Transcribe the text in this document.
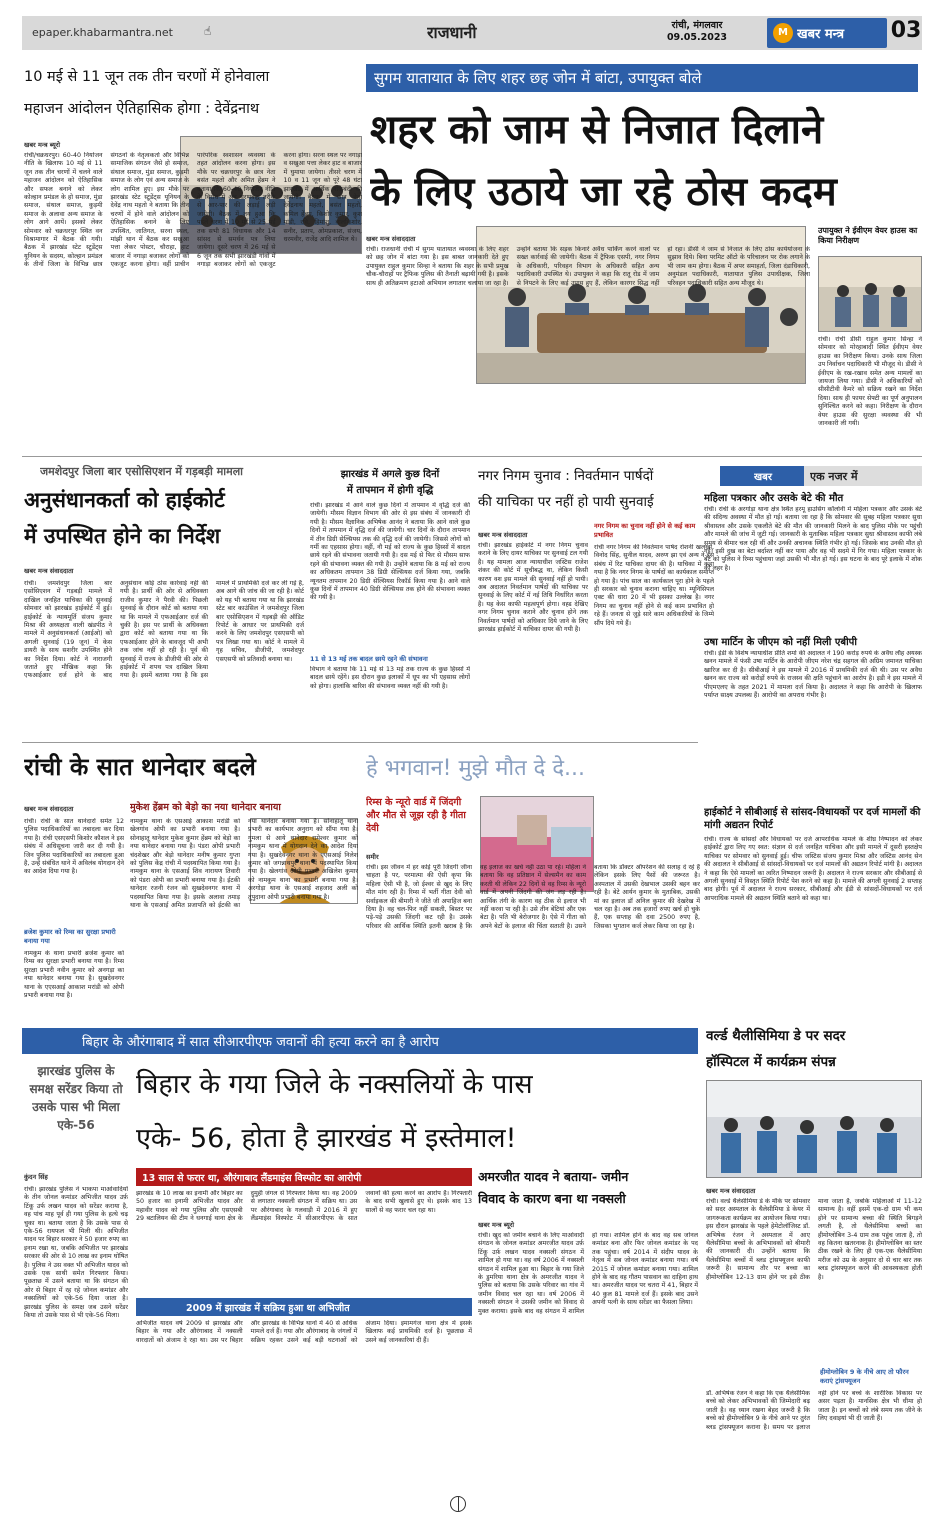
epaper.khabarmantra.net	☝	राजधानी	रांची, मंगलवार
09.05.2023	M खबर मन्त्र	03
10 मई से 11 जून तक तीन चरणों में होनेवाला
महाजन आंदोलन ऐतिहासिक होगा : देवेंद्रनाथ
खबर मन्त्र ब्यूरो

रांची/चक्रधरपुर। 60-40 नियोजन नीति के खिलाफ 10 मई से 11 जून तक तीन चरणों में चलने वाले महाजन आंदोलन को ऐतिहासिक और सफल बनाने को लेकर कोल्हान प्रमंडल के हो समाज, मुंडा समाज, संथाल समाज, कुड़मी समाज के अलावा अन्य समाज के लोग आगे आयें। इसको लेकर सोमवार को चक्रधरपुर स्थित वन विश्रामागार में बैठक की गयी। बैठक में झारखंड स्टेट स्टूडेंट्स यूनियन के सदस्य, कोल्हान प्रमंडल के तीनों जिला के विभिन्न छात्र संगठनों के नेतृत्वकर्ता और विभिन्न सामाजिक संगठन जैसे हो समाज, संथाल समाज, मुंडा समाज, कुड़मी समाज के लोग एवं अन्य समाज के लोग शामिल हुए। इस मौके पर झारखंड स्टेट स्टूडेंट्स यूनियन के देवेंद्र नाथ महतो ने बताया कि तीन चरणों में होने वाले आंदोलन को ऐतिहासिक बनाने के लिए उपस्थित, जातिगत, सरना स्थल, मांझी थान में बैठक कर सखुआ पत्ता लेकर पोस्टर, चौराहा, हाट बाजार में नगाड़ा बजाकर लोगों को एकजुट करना होगा। वहीं प्राचीन पारंपरिक स्वशासन व्यवस्था के तहत आंदोलन करना होगा। इस मौके पर चक्रधरपुर के छात्र नेता बसंत महतो और अमित हेंब्रम ने बताया कि 60-40 नियोजन नीति के विरोध में अब चरणबद्ध तरीके से आर-पार की लड़ाई लड़ी जायेगी। बैठक में तय हुआ कि पहले चरण में 10 मई से 25 मई तक सभी 81 विधायक और 14 सांसद से समर्थन पत्र लिया जायेगा। दूसरे चरण में 26 मई से 6 जून तक सभी झारखंडी गांवों में नगाड़ा बजाकर लोगों को एकजुट करना होगा। सरना स्थल पर नगाड़ा व सखुआ पत्ता लेकर हाट व बाजार में घुमाया जायेगा। तीसरे चरण में 10 व 11 जून को पूरे 48 घंटा झारखंड में आर्थिक नाकेबंदी की जायेगी। बैठक में छात्र नेता देवेंद्रनाथ महतो, बसंत महतो, कमिल हेंब्रम, किशोर कुमार, कुश मांडी, रवि, हिमांशु, बालकिशोर, सनीर, प्रताप, ओमप्रकाश, संजय, धरमवीर, राजेंद्र आदि शामिल थे।

सुगम यातायात के लिए शहर छह जोन में बांटा, उपायुक्त बोले
शहर को जाम से निजात दिलाने
के लिए उठाये जा रहे ठोस कदम
खबर मन्त्र संवाददाता

रांची। राजधानी रांची में सुगम यातायात व्यवस्था के लिए शहर को छह जोन में बांटा गया है। इस बाबत जानकारी देते हुए उपायुक्त राहुल कुमार सिन्हा ने बताया कि शहर के सभी प्रमुख चौक-चौराहों पर ट्रैफिक पुलिस की तैनाती बढ़ायी गयी है। इसके साथ ही अतिक्रमण हटाओ अभियान लगातार चलाया जा रहा है। उन्होंने बताया कि सड़क किनारे अवैध पार्किंग करने वालों पर सख्त कार्रवाई की जायेगी। बैठक में ट्रैफिक एसपी, नगर निगम के अधिकारी, परिवहन विभाग के अधिकारी सहित अन्य पदाधिकारी उपस्थित थे। उपायुक्त ने कहा कि रातू रोड में जाम से निपटने के लिए कई उपाय हुए हैं, लेकिन कारगर सिद्ध नहीं हो रहा। डीसी ने जाम से निजात के लिए ठोस कार्ययोजना के सुझाव दिये। बिना परमिट ऑटो के परिचालन पर रोक लगाने के भी जाम कम होगा। बैठक में अपर समाहर्ता, जिला दंडाधिकारी, अनुमंडल पदाधिकारी, यातायात पुलिस उपाधीक्षक, जिला परिवहन पदाधिकारी सहित अन्य मौजूद थे।

उपायुक्त ने ईवीएम वेयर हाउस का किया निरीक्षण

रांची। रांची डीसी राहुल कुमार सिन्हा ने सोमवार को मोरहाबादी स्थित ईवीएम वेयर हाउस का निरीक्षण किया। उनके साथ जिला उप निर्वाचन पदाधिकारी भी मौजूद थे। डीसी ने ईवीएम के रख-रखाव समेत अन्य मामलों का जायजा लिया गया। डीसी ने अधिकारियों को सीसीटीवी कैमरे को सक्रिय रखने का निर्देश दिया। साथ ही फायर सेफ्टी का पूर्ण अनुपालन सुनिश्चित करने को कहा। निरीक्षण के दौरान वेयर हाउस की सुरक्षा व्यवस्था की भी जानकारी ली गयी।

जमशेदपुर जिला बार एसोसिएशन में गड़बड़ी मामला
अनुसंधानकर्ता को हाईकोर्ट
में उपस्थित होने का निर्देश
खबर मन्त्र संवाददाता

रांची। जमशेदपुर जिला बार एसोसिएशन में गड़बड़ी मामले में दाखिल जनहित याचिका की सुनवाई सोमवार को झारखंड हाईकोर्ट में हुई। हाईकोर्ट के न्यायमूर्ति संजय कुमार मिश्रा की अध्यक्षता वाली खंडपीठ ने मामले में अनुसंधानकर्ता (आईओ) को अगली सुनवाई (19 जून) में केस डायरी के साथ सशरीर उपस्थित होने का निर्देश दिया। कोर्ट ने नाराजगी जताते हुए मौखिक कहा कि एफआईआर दर्ज होने के बाद अनुसंधान कोई ठोस कार्रवाई नहीं की गयी है। प्रार्थी की ओर से अधिवक्ता राजीव कुमार ने पैरवी की। पिछली सुनवाई के दौरान कोर्ट को बताया गया था कि मामले में एफआईआर दर्ज की चुकी है। इस पर प्रार्थी के अधिवक्ता द्वारा कोर्ट को बताया गया था कि एफआईआर होने के बावजूद भी अभी तक जांच नहीं हो रही है। पूर्व की सुनवाई में राज्य के डीजीपी की ओर से हाईकोर्ट में शपथ पत्र दाखिल किया गया है। इसमें बताया गया है कि इस मामले में प्राथमिकी दर्ज कर ली गई है, अब आगे की जांच की जा रही है। कोर्ट को यह भी बताया गया था कि झारखंड स्टेट बार काउंसिल ने जमशेदपुर जिला बार एसोसिएशन में गड़बड़ी की ऑडिट रिपोर्ट के आधार पर प्राथमिकी दर्ज करने के लिए जमशेदपुर एसएसपी को पत्र लिखा गया था। कोर्ट ने मामले में गृह सचिव, डीजीपी, जमशेदपुर एसएसपी को प्रतिवादी बनाया था।

झारखंड में अगले कुछ दिनों
में तापमान में होगी वृद्धि

रांची। झारखंड में आने वाले कुछ दिनों में तापमान में वृद्धि दर्ज की जायेगी। मौसम विज्ञान विभाग की ओर से इस संबंध में जानकारी दी गयी है। मौसम वैज्ञानिक अभिषेक आनंद ने बताया कि आने वाले कुछ दिनों में तापमान में वृद्धि दर्ज की जायेगी। चार दिनों के दौरान तापमान में तीन डिग्री सेल्सियस तक की वृद्धि दर्ज की जायेगी। जिससे लोगों को गर्मी का एहसास होगा। वहीं, नौ मई को राज्य के कुछ हिस्सों में बादल छाये रहने की संभावना जतायी गयी है। दस मई से फिर से मौसम साफ रहने की संभावना व्यक्त की गयी है। उन्होंने बताया कि 8 मई को राज्य का अधिकतम तापमान 38 डिग्री सेल्सियस दर्ज किया गया, जबकि न्यूनतम तापमान 20 डिग्री सेल्सियस रिकॉर्ड किया गया है। आने वाले कुछ दिनों में तापमान 40 डिग्री सेल्सियस तक होने की संभावना व्यक्त की गयी है।

11 से 13 मई तक बादल छाये रहने की संभावना

विभाग ने बताया कि 11 मई से 13 मई तक राज्य के कुछ हिस्सों में बादल छाये रहेंगे। इस दौरान कुछ इलाकों में धूप का भी एहसास लोगों को होगा। हालांकि बारिश की संभावना व्यक्त नहीं की गयी है।

नगर निगम चुनाव : निवर्तमान पार्षदों
की याचिका पर नहीं हो पायी सुनवाई
खबर मन्त्र संवाददाता

रांची। झारखंड हाईकोर्ट में नगर निगम चुनाव कराने के लिए दायर याचिका पर सुनवाई टल गयी है। यह मामला आज न्यायाधीश जस्टिस राजेश शंकर की कोर्ट में सूचीबद्ध था, लेकिन किसी कारण वश इस मामले की सुनवाई नहीं हो पायी। अब अदालत निवर्तमान पार्षदों की याचिका पर सुनवाई के लिए कोर्ट में नई तिथि निर्धारित करता है। यह केस काफी महत्वपूर्ण होगा। वह्ड देखिए नगर निगम चुनाव कराने और चुनाव होने तक निवर्तमान पार्षदों को अधिकार दिये जाने के लिए झारखंड हाईकोर्ट में याचिका दायर की गयी है।

नगर निगम का चुनाव नहीं होने से कई काम प्रभावित

रांची नगर निगम की निवर्तमान पार्षद रोशनी खलखो, विनोद सिंह, सुनील यादव, अरुण झा एवं अन्य ने इस संबंध में रिट याचिका दायर की है। याचिका में कहा गया है कि नगर निगम के पार्षदों का कार्यकाल समाप्त हो गया है। पांच साल का कार्यकाल पूरा होने के पहले ही सरकार को चुनाव कराना चाहिए था। म्यूनिसिपल एक्ट की धारा 20 में भी इसका उल्लेख है। नगर निगम का चुनाव नहीं होने से कई काम प्रभावित हो रहे हैं। जनता से जुड़े सारे काम अधिकारियों के जिम्मे सौंप दिये गये हैं।

खबर	एक नजर में
महिला पत्रकार और उसके बेटे की मौत

रांची। रांची के अरगोड़ा थाना क्षेत्र स्थित हरमू हाउसिंग कॉलोनी में महिला पत्रकार और उसके बेटे की संदिग्ध अवस्था में मौत हो गई। बताया जा रहा है कि सोमवार की सुबह महिला पत्रकार सुधा श्रीवास्तव और उसके एकलौते बेटे की मौत की जानकारी मिलने के बाद पुलिस मौके पर पहुंची और मामले की जांच में जुटी गई। जानकारी के मुताबिक महिला पत्रकार सुधा श्रीवास्तव काफी लंबे समय से बीमार चल रही थीं और उनकी अचानक स्थिति गंभीर हो गई। जिसके बाद उनकी मौत हो गई। इसी दुख का बेटा बर्दाश्त नहीं कर पाया और वह भी सदमे में गिर गया। महिला पत्रकार के बेटे को पुलिस ने रिम्स पहुंचाया जहां उसकी भी मौत हो गई। इस घटना के बाद पूरे इलाके में शोक की लहर है।

उषा मार्टिन के जीएम को नहीं मिली एबीपी

रांची। ईडी के विशेष न्यायाधीश प्रीति शर्मा की अदालत ने 190 करोड़ रुपये के अवैध लौह अयस्क खनन मामले में फंसी उषा मार्टिन के आरोपी जीएम नरेश चंद्र सहगल की अग्रिम जमानत याचिका खारिज कर दी है। सीबीआई ने इस मामले में 2016 में प्राथमिकी दर्ज की थी। उस पर अवैध खनन कर राज्य को करोड़ों रुपये के राजस्व की क्षति पहुंचाने का आरोप है। इडी ने इस मामले में पीएमएलए के तहत 2021 में मामला दर्ज किया है। अदालत ने कहा कि आरोपी के खिलाफ पर्याप्त साक्ष्य उपलब्ध हैं। आरोपी का अपराध गंभीर है।

हाईकोर्ट ने सीबीआई से सांसद-विधायकों पर दर्ज मामलों की मांगी अद्यतन रिपोर्ट

रांची। राज्य के सांसदों और विधायकों पर दर्ज आपराधिक मामले के शीघ्र निष्पादन को लेकर हाईकोर्ट द्वारा लिए गए स्वत: संज्ञान से दर्ज जनहित याचिका और इसी मामले में दूसरी हस्तक्षेप याचिका पर सोमवार को सुनवाई हुई। चीफ जस्टिस संजय कुमार मिश्रा और जस्टिस आनंद सेन की अदालत ने सीबीआई से सांसदों-विधायकों पर दर्ज मामलों की अद्यतन रिपोर्ट मांगी है। अदालत ने कहा कि ऐसे मामलों का त्वरित निष्पादन जरूरी है। अदालत ने राज्य सरकार और सीबीआई से अगली सुनवाई में विस्तृत स्थिति रिपोर्ट पेश करने को कहा है। मामले की अगली सुनवाई 2 सप्ताह बाद होगी। पूर्व में अदालत ने राज्य सरकार, सीबीआई और ईडी से सांसदों-विधायकों पर दर्ज आपराधिक मामले की अद्यतन स्थिति बताने को कहा था।

रांची के सात थानेदार बदले
खबर मन्त्र संवाददाता

रांची। रांची के सात थानेदारों समेत 12 पुलिस पदाधिकारियों का तबादला कर दिया गया है। रांची एसएसपी किशोर कौशल ने इस संबंध में अधिसूचना जारी कर दी गयी है। जिन पुलिस पदाधिकारियों का तबादला हुआ है, उन्हें संबंधित थाने में अविलंब योगदान देने का आदेश दिया गया है।

ब्रजेश कुमार को रिम्स का सुरक्षा प्रभारी बनाया गया

नामकुम के थाना प्रभारी ब्रजेश कुमार को रिम्स का सुरक्षा प्रभारी बनाया गया है। रिम्स सुरक्षा प्रभारी नवीन कुमार को अनगड़ा का नया थानेदार बनाया गया है। सुखदेवनगर थाना के एएसआई आकाश मरांडी को ओपी प्रभारी बनाया गया है।

मुकेश हेंब्रम को बेड़ो का नया थानेदार बनाया

नामकुम थाना के एसआई आकाश मरांडी को खेलगांव ओपी का प्रभारी बनाया गया है। सोनाहातू थानेदार मुकेश कुमार हेंब्रम को बेड़ो का नया थानेदार बनाया गया है। पंडरा ओपी प्रभारी चंदशेखर और बेड़ो थानेदार मनीष कुमार गुप्ता को पुलिस केंद्र रांची में पदस्थापित किया गया है। नामकुम थाना के एसआई शिव नारायण तिवारी को पंडरा ओपी का प्रभारी बनाया गया है। ईटकी थानेदार रजनी रंजन को सुखदेवनगर थाना में पदस्थापित किया गया है। इसके अलावा तमाड़ थाना के एसआई अमित प्रजापति को ईटकी का नया थानेदार बनाया गया है। सोनाहातू थाना प्रभारी का कार्यभार अनुराग को सौंपा गया है। गुमला से आये थानेदार रामेश्वर कुमार को नामकुम थाना में योगदान देने का आदेश दिया गया है। सुखदेवनगर थाना के एएसआई निलेश कुमार को जगन्नाथपुर थाना में पदस्थापित किया गया है। खेलगांव ओपी प्रभारी अखिलेश कुमार को नामकुम थाना का प्रभारी बनाया गया है। अरगोड़ा थाना के एसआई शहजाद अली को तुपुदाना ओपी प्रभारी बनाया गया है।

हे भगवान! मुझे मौत दे दे...
रिम्स के न्यूरो वार्ड में जिंदगी और मौत से जूझ रही है गीता देवी
समीर

रांची। इस जीवन में हर कोई पूरी जिंदगी जीना चाहता है पर, परमात्मा की ऐसी कृपा कि महिला ऐसी भी है, जो ईश्वर से खुद के लिए मौत मांग रही है। रिम्स में भर्ती गीता देवी को सर्वाइकल की बीमारी ने जीते जी अपाहिज बना दिया है। वह चल-फिर नहीं सकती, बिस्तर पर पड़े-पड़े उसकी जिंदगी कट रही है। उसके परिवार की आर्थिक स्थिति इतनी खराब है कि वह इलाज का खर्च नहीं उठा पा रहे। महिला ने बताया कि वह प्रतिष्ठान में सेल्समैन का काम करती थी लेकिन 22 दिनों से वह रिम्स के न्यूरो वार्ड में अपनी जिंदगी की जंग लड़ रही है। आर्थिक तंगी के कारण वह ठीक से इलाज भी नहीं करवा पा रही है। उसे तीन बेटियां और एक बेटा है। पति भी बेरोजगार है। ऐसे में गीता को अपने बेटों के इलाज की चिंता सताती है। उसने बताया कि डॉक्टर ऑपरेशन की सलाह दे रहे हैं लेकिन इसके लिए पैसों की जरूरत है। अस्पताल में उसकी देखभाल उसकी बहन कर रही है। बेटे आर्यन कुमार के मुताबिक, उसकी मां का इलाज डॉ अनिल कुमार की देखरेख में चल रहा है। अब तक हजारों रुपए खर्च हो चुके हैं, एक सप्ताह की दवा 2500 रुपए है, जिसका भुगतान कर्ज लेकर किया जा रहा है।

बिहार के औरंगाबाद में सात सीआरपीएफ जवानों की हत्या करने का है आरोप
झारखंड पुलिस के समक्ष सरेंडर किया तो उसके पास भी मिला एके-56
बिहार के गया जिले के नक्सलियों के पास
एके- 56, होता है झारखंड में इस्तेमाल!
कुंदन सिंह

रांची। झारखंड पुलिस ने भाकपा माओवादियों के तीन जोनल कमांडर अभिजीत यादव उर्फ़ टिंकू उर्फ लखन यादव को सरेंडर कराया है, वह पांच माह पूर्व ही गया पुलिस के हत्थे चढ़ चुका था। बताया जाता है कि उसके पास से एके-56 रायफल भी मिली थी। अभिजीत यादव पर बिहार सरकार ने 50 हजार रुपए का इनाम रखा था, जबकि अभिजीत पर झारखंड सरकार की ओर से 10 लाख का इनाम घोषित है। पुलिस ने उस वक्त भी अभिजीत यादव को उसके एक साथी समेत गिरफ्तार किया। पूछताछ में उसने बताया था कि संगठन की ओर से बिहार में रह रहे जोनल कमांडर और नक्सलियों को एके-56 दिया जाता है। झारखंड पुलिस के समक्ष जब उसने सरेंडर किया तो उसके पास से भी एके-56 मिला।

13 साल से फरार था, औरंगाबाद लैंडमाइंस विस्फोट का आरोपी

झारखंड के 10 लाख का इनामी और बिहार का 50 हजार का इनामी अभिजीत यादव और महावीर यादव को गया पुलिस और एसएसबी 29 बटालियन की टीम ने धनगाई थाना क्षेत्र के दुमुही जंगल से गिरफ्तार किया था। वह 2009 से लगातार नक्सली संगठन में सक्रिय था। उस पर औरंगाबाद के गलवाड़ी में 2016 में हुए लैंडमाइंस विस्फोट में सीआरपीएफ के सात जवानों की हत्या करने का आरोप है। गिरफ्तारी के बाद सभी खुलासे हुए थे। इसके बाद 13 सालों से वह फरार चल रहा था।

2009 में झारखंड में सक्रिय हुआ था अभिजीत

अभिजीत यादव वर्ष 2009 से झारखंड और बिहार के गया और औरंगाबाद में नक्सली वारदातों को अंजाम दे रहा था। उस पर बिहार और झारखंड के विभिन्न थानों में 40 से अधिक मामले दर्ज हैं। गया और औरंगाबाद के जंगलों में सक्रिय रहकर उसने कई बड़ी घटनाओं को अंजाम दिया। इमामगंज थाना क्षेत्र में इसके खिलाफ कई प्राथमिकी दर्ज है। पूछताछ में उसने कई जानकारियां दी हैं।

अमरजीत यादव ने बताया- जमीन
विवाद के कारण बना था नक्सली
खबर मन्त्र ब्यूरो

रांची। खुद को जमीन बचाने के लिए माओवादी संगठन के जोनल कमांडर अमरजीत यादव उर्फ़ टिंकू उर्फ़ लखन यादव नक्सली संगठन में शामिल हो गया था। वह वर्ष 2006 में नक्सली संगठन में शामिल हुआ था। बिहार के गया जिले के डुमरिया थाना क्षेत्र के अमरजीत यादव ने पुलिस को बताया कि उसके परिवार का गांव में जमीन विवाद चल रहा था। वर्ष 2006 में नक्सली संगठन ने उसकी जमीन को विवाद से मुक्त कराया। इसके बाद वह संगठन में शामिल हो गया। शामिल होने के बाद वह सब जोनल कमांडर बना और फिर जोनल कमांडर के पद तक पहुंचा। वर्ष 2014 में संदीप यादव के नेतृत्व में सब जोनल कमांडर बनाया गया। वर्ष 2015 में जोनल कमांडर बनाया गया। शामिल होने के बाद वह गौतम पासवान का दाहिना हाथ था। अमरजीत यादव पर चतरा में 41, बिहार में 40 कुल 81 मामले दर्ज हैं। इसके बाद उसने अपनी पत्नी के साथ सरेंडर का फैसला लिया।

वर्ल्ड थैलीसिमिया डे पर सदर
हॉस्पिटल में कार्यक्रम संपन्न
खबर मन्त्र संवाददाता

रांची। वर्ल्ड थैलेसीमिया डे के मौके पर सोमवार को सदर अस्पताल के थैलेसीमिया डे केयर में जागरूकता कार्यक्रम का आयोजन किया गया। इस दौरान झारखंड के पहले हेमेटोलॉजिस्ट डॉ. अभिषेक रंजन ने अस्पताल में आए थैलेसीमिया बच्चों के अभिभावकों को बीमारी की जानकारी दी। उन्होंने बताया कि थैलेसीमिया बच्चों में ब्लड ट्रांसफ्यूजन काफी जरूरी है। सामान्य तौर पर बच्चा का हीमोग्लोबिन 12-13 ग्राम होने पर इसे ठीक माना जाता है, जबकि महिलाओं में 11-12 सामान्य है। वहीं इसमें एक-दो ग्राम भी कम होने पर सामान्य बच्चा की स्थिति बिगड़ने लगती है, तो थैलेसीमिया बच्चों का हीमोग्लोबिन 3-4 ग्राम तक पहुंच जाता है, तो वह कितना खतरनाक है। हीमोग्लोबिन का स्तर ठीक रखने के लिए ही एक-एक थैलेसीमिया मरीज को उम्र के अनुसार दो से चार बार तक ब्लड ट्रांसफ्यूजन करने की आवश्यकता होती है।

हीमोग्लोबिन 9 के नीचे आए तो फौरन कराएं ट्रांसफ्यूजन

डॉ. अभिषेक रंजन ने कहा कि एक थैलेसीमिक बच्चे को लेकर अभिभावकों की जिम्मेदारी बढ़ जाती है। वह ध्यान रखना बेहद जरूरी है कि बच्चे को हीमोग्लोबिन 9 के नीचे आने पर तुरंत ब्लड ट्रांसफ्यूजन कराना है। समय पर इलाज नहीं होने पर बच्चे के शारीरिक विकास पर असर पड़ता है। मानसिक क्षेत्र भी धीमा हो जाता है। इन बच्चों को लंबे समय तक जीने के लिए दवाइयां भी दी जाती हैं।
